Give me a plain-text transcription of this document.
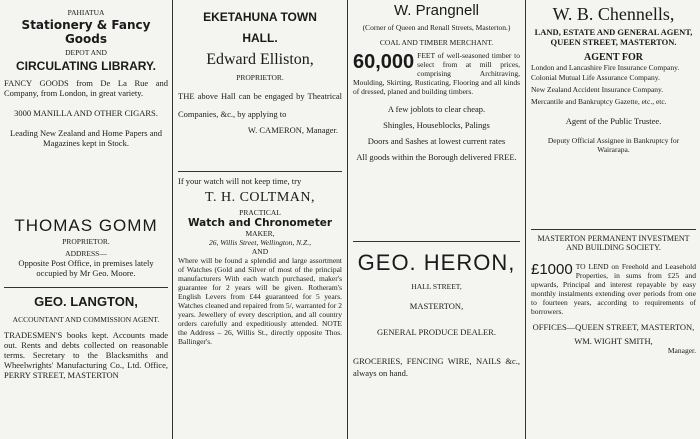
PAHIATUA

Stationery & Fancy Goods

DEPOT AND

CIRCULATING LIBRARY.

FANCY GOODS from De La Rue and Company, from London, in great variety.

3000 MANILLA AND OTHER CIGARS.

Leading New Zealand and Home Papers and Magazines kept in Stock.

THOMAS GOMM

PROPRIETOR.

ADDRESS—

Opposite Post Office, in premises lately occupied by Mr Geo. Moore.

GEO. LANGTON,

ACCOUNTANT AND COMMISSION AGENT.

TRADESMEN'S books kept. Accounts made out. Rents and debts collected on reasonable terms. Secretary to the Blacksmiths and Wheelwrights' Manufacturing Co., Ltd. Office, PERRY STREET, MASTERTON

EKETAHUNA TOWN

HALL.

Edward Elliston,

PROPRIETOR.

THE above Hall can be engaged by Theatrical Companies, &c., by applying to

W. CAMERON, Manager.

If your watch will not keep time, try

T. H. COLTMAN,

PRACTICAL

Watch and Chronometer

MAKER,

26, Willis Street, Wellington, N.Z.,

AND

Where will be found a splendid and large assortment of Watches (Gold and Silver of most of the principal manufacturers With each watch purchased, maker's guarantee for 2 years will be given. Rotheram's English Levers from £44 guaranteed for 5 years. Watches cleaned and repaired from 5/, warranted for 2 years. Jewellery of every description, and all country orders carefully and expeditiously attended. NOTE the Address – 26, Willis St., directly opposite Thos. Ballinger's.

W. Prangnell

(Corner of Queen and Renall Streets, Masterton.)

COAL AND TIMBER MERCHANT.

60,000 FEET of well-seasoned timber to select from at mill prices, comprising Architraving, Moulding, Skirting, Rusticating, Flooring and all kinds of dressed, planed and building timbers.

A few joblots to clear cheap.

Shingles, Houseblocks, Palings

Doors and Sashes at lowest current rates

All goods within the Borough delivered FREE.

GEO. HERON,

HALL STREET,

MASTERTON,

GENERAL PRODUCE DEALER.

GROCERIES, FENCING WIRE, NAILS &c., always on hand.

W. B. Chennells,

LAND, ESTATE AND GENERAL AGENT,

QUEEN STREET, MASTERTON.

AGENT FOR

London and Lancashire Fire Insurance Company.

Colonial Mutual Life Assurance Company.

New Zealand Accident Insurance Company.

Mercantile and Bankruptcy Gazette, etc., etc.

Agent of the Public Trustee.

Deputy Official Assignee in Bankruptcy for Wairarapa.

MASTERTON PERMANENT INVESTMENT AND BUILDING SOCIETY.

£1000 TO LEND on Freehold and Leasehold Properties, in sums from £25 and upwards, Principal and interest repayable by easy monthly instalments extending over periods from one to fourteen years, according to requirements of borrowers.

OFFICES—QUEEN STREET, MASTERTON,

WM. WIGHT SMITH,

Manager.
